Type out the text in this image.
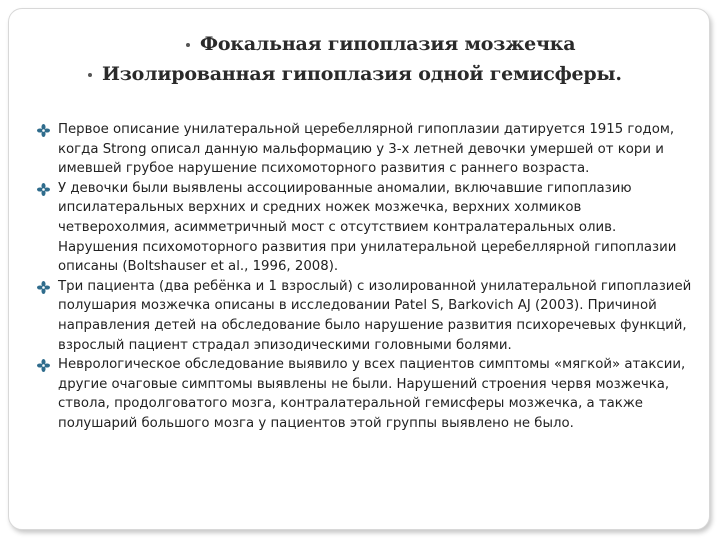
Фокальная гипоплазия мозжечка
Изолированная гипоплазия одной гемисферы.

Первое описание унилатеральной церебеллярной гипоплазии датируется 1915 годом, когда Strong описал данную мальформацию у 3-х летней девочки умершей от кори и имевшей грубое нарушение психомоторного развития с раннего возраста.

У девочки были выявлены ассоциированные аномалии, включавшие гипоплазию ипсилатеральных верхних и средних ножек мозжечка, верхних холмиков четверохолмия, асимметричный мост с отсутствием контралатеральных олив. Нарушения психомоторного развития при унилатеральной церебеллярной гипоплазии описаны (Boltshauser et al., 1996, 2008).

Три пациента (два ребёнка и 1 взрослый) с изолированной унилатеральной гипоплазией полушария мозжечка описаны в исследовании Patel S, Barkovich AJ (2003). Причиной направления детей на обследование было нарушение развития психоречевых функций, взрослый пациент страдал эпизодическими головными болями.

Неврологическое обследование выявило у всех пациентов симптомы «мягкой» атаксии, другие очаговые симптомы выявлены не были. Нарушений строения червя мозжечка, ствола, продолговатого мозга, контралатеральной гемисферы мозжечка, а также полушарий большого мозга у пациентов этой группы выявлено не было.
